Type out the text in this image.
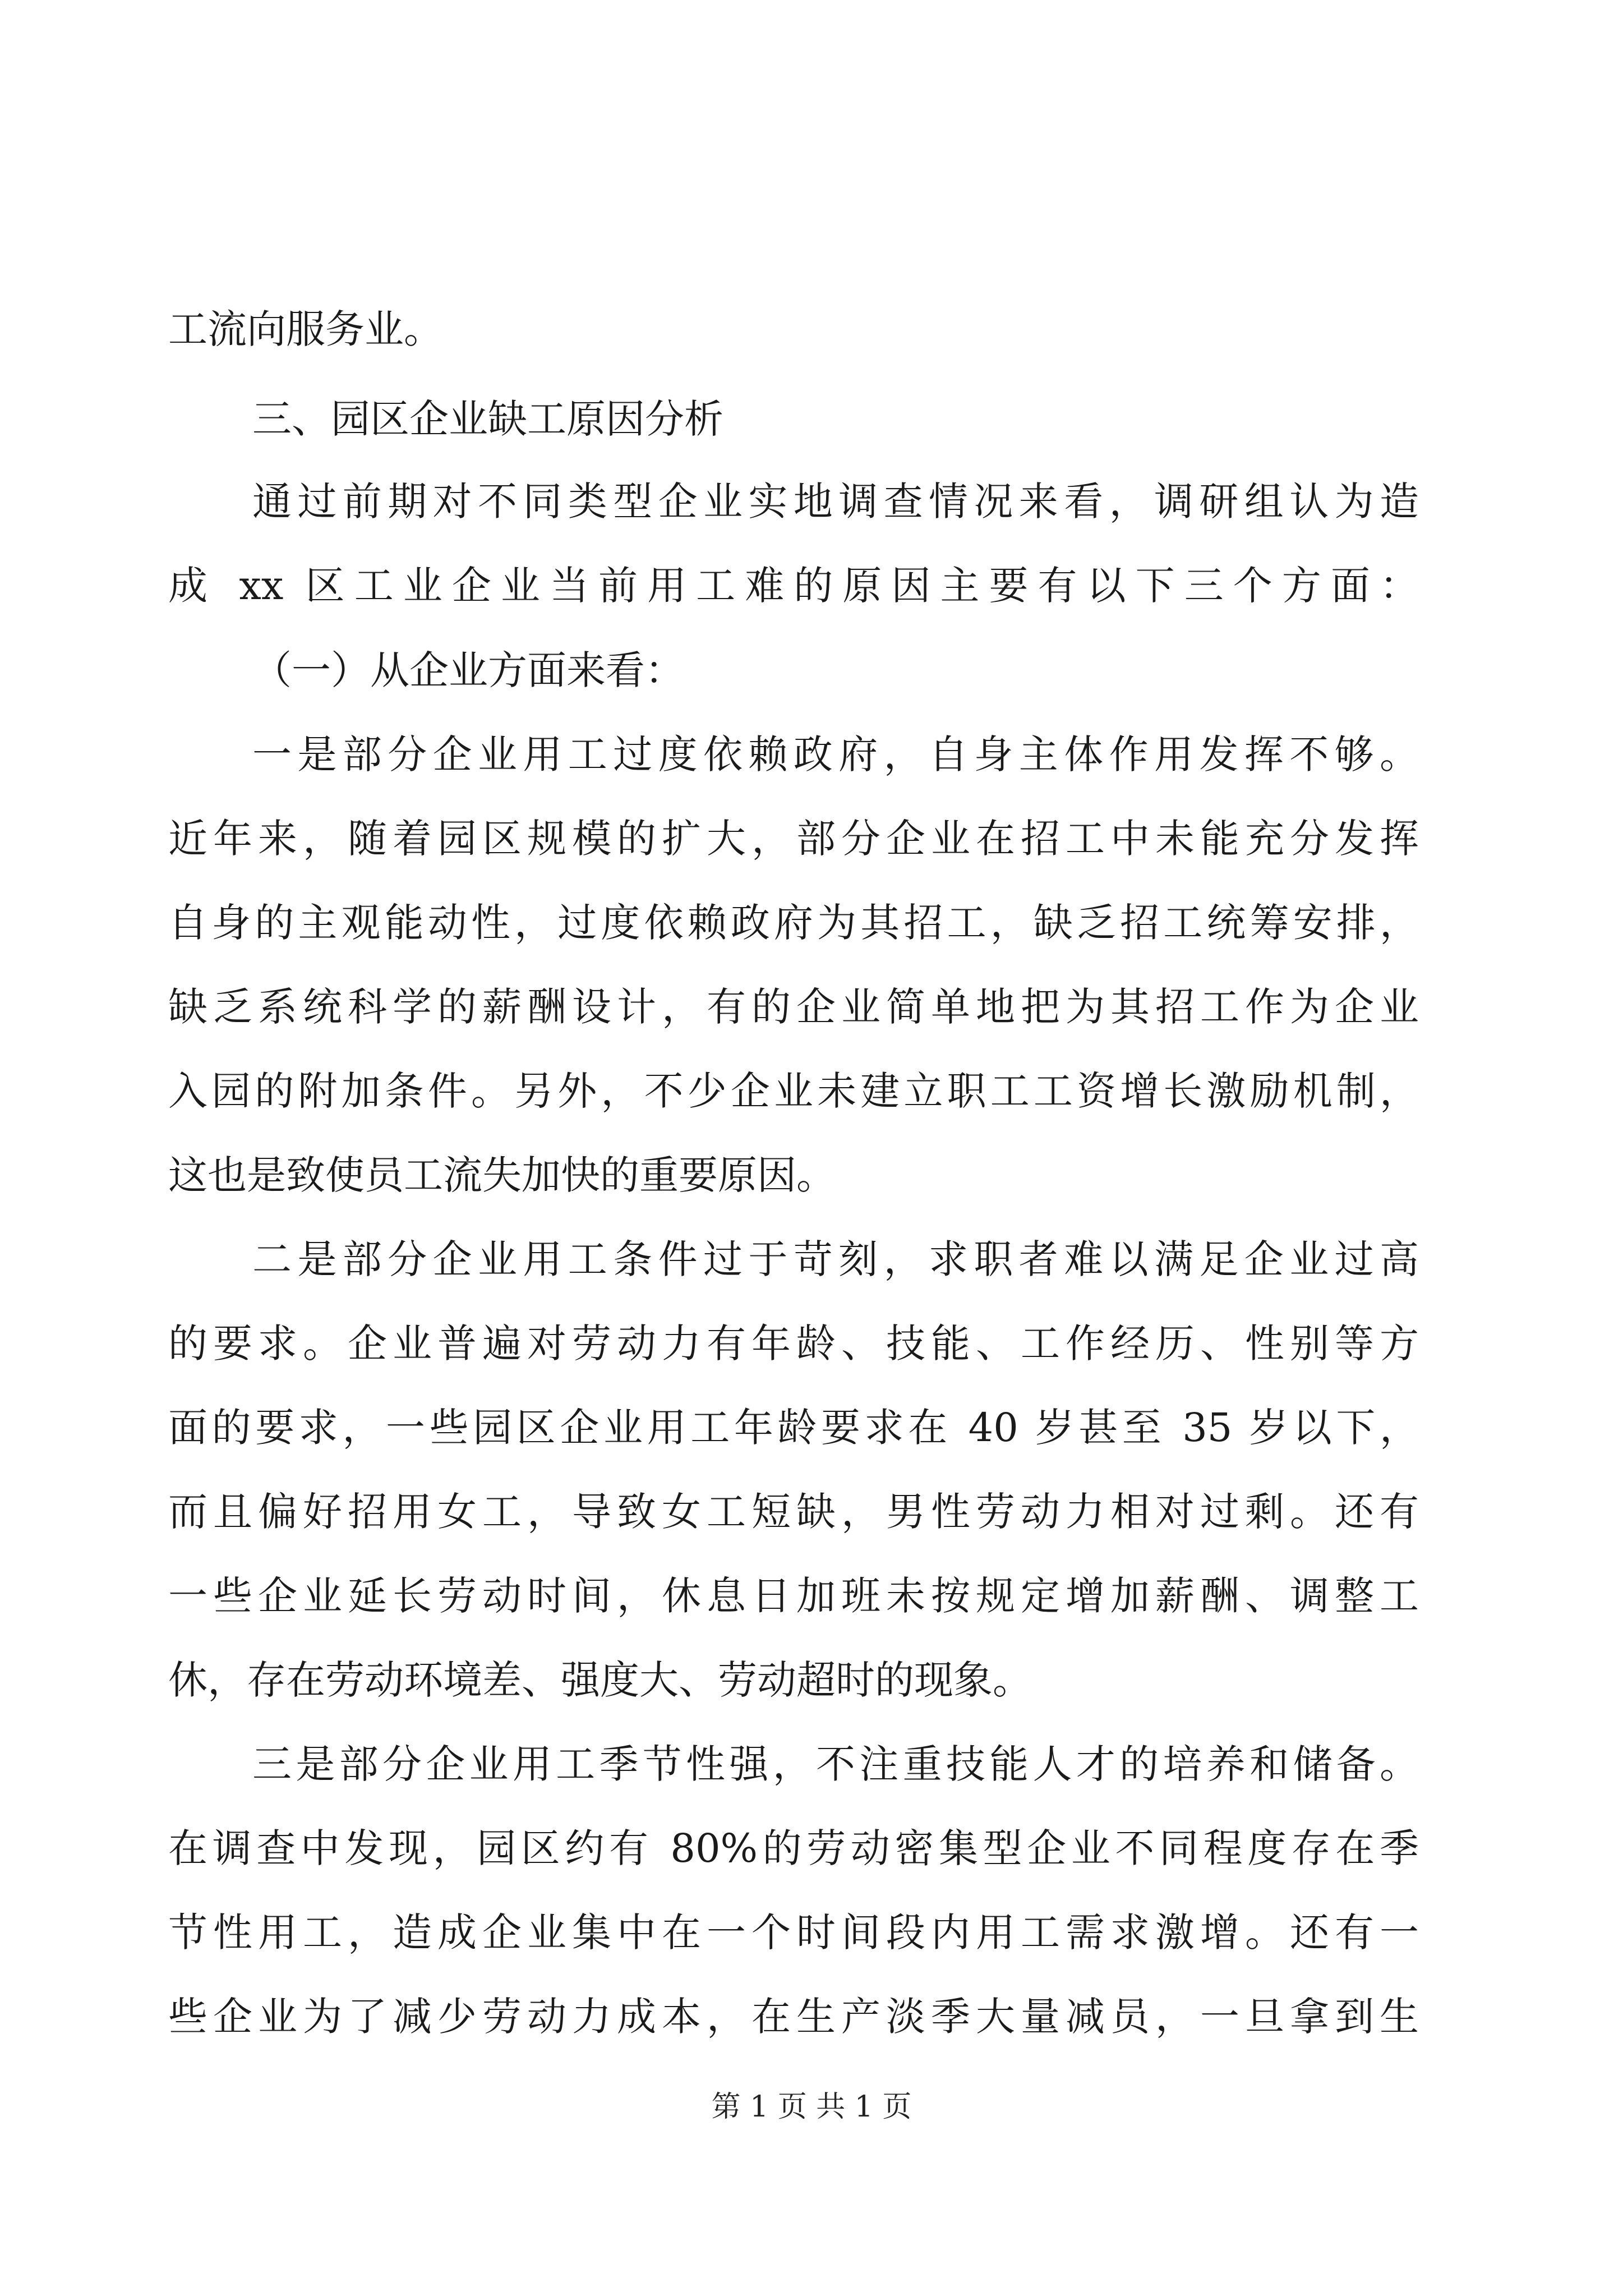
工流向服务业。
三、园区企业缺工原因分析
通过前期对不同类型企业实地调查情况来看，调研组认为造
成 xx 区工业企业当前用工难的原因主要有以下三个方面：
（一）从企业方面来看：
一是部分企业用工过度依赖政府，自身主体作用发挥不够。
近年来，随着园区规模的扩大，部分企业在招工中未能充分发挥
自身的主观能动性，过度依赖政府为其招工，缺乏招工统筹安排，
缺乏系统科学的薪酬设计，有的企业简单地把为其招工作为企业
入园的附加条件。另外，不少企业未建立职工工资增长激励机制，
这也是致使员工流失加快的重要原因。
二是部分企业用工条件过于苛刻，求职者难以满足企业过高
的要求。企业普遍对劳动力有年龄、技能、工作经历、性别等方
面的要求，一些园区企业用工年龄要求在 40 岁甚至 35 岁以下，
而且偏好招用女工，导致女工短缺，男性劳动力相对过剩。还有
一些企业延长劳动时间，休息日加班未按规定增加薪酬、调整工
休，存在劳动环境差、强度大、劳动超时的现象。
三是部分企业用工季节性强，不注重技能人才的培养和储备。
在调查中发现，园区约有 80%的劳动密集型企业不同程度存在季
节性用工，造成企业集中在一个时间段内用工需求激增。还有一
些企业为了减少劳动力成本，在生产淡季大量减员，一旦拿到生
第 1 页 共 1 页
